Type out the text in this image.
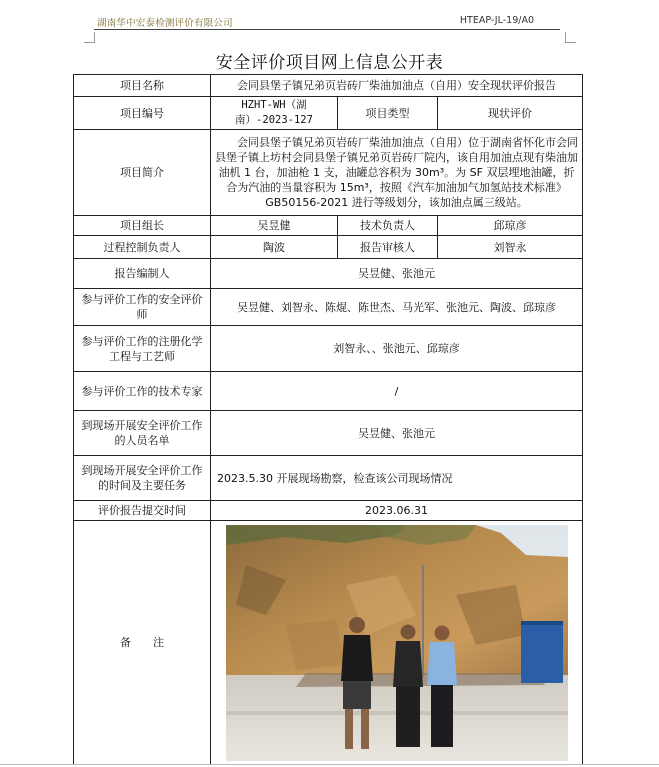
湖南华中宏泰检测评价有限公司	HTEAP-JL-19/A0
安全评价项目网上信息公开表
项目名称	会同县堡子镇兄弟页岩砖厂柴油加油点（自用）安全现状评价报告		
项目编号	HZHT-WH（湖南）-2023-127	项目类型	现状评价
项目简介	会同县堡子镇兄弟页岩砖厂柴油加油点（自用）位于湖南省怀化市会同县堡子镇上坊村会同县堡子镇兄弟页岩砖厂院内，该自用加油点现有柴油加油机 1 台，加油枪 1 支，油罐总容积为 30m³。为 SF 双层埋地油罐，折合为汽油的当量容积为 15m³，按照《汽车加油加气加氢站技术标准》GB50156-2021 进行等级划分，该加油点属三级站。		
项目组长	吴昱健	技术负责人	邱琼彦
过程控制负责人	陶波	报告审核人	刘智永
报告编制人	吴昱健、张池元		
参与评价工作的安全评价师	吴昱健、刘智永、陈焜、陈世杰、马光军、张池元、陶波、邱琼彦		
参与评价工作的注册化学工程与工艺师	刘智永、、张池元、邱琼彦		
参与评价工作的技术专家	/		
到现场开展安全评价工作的人员名单	吴昱健、张池元		
到现场开展安全评价工作的时间及主要任务	2023.5.30 开展现场勘察，检查该公司现场情况		
评价报告提交时间	2023.06.31		
备　　注	
